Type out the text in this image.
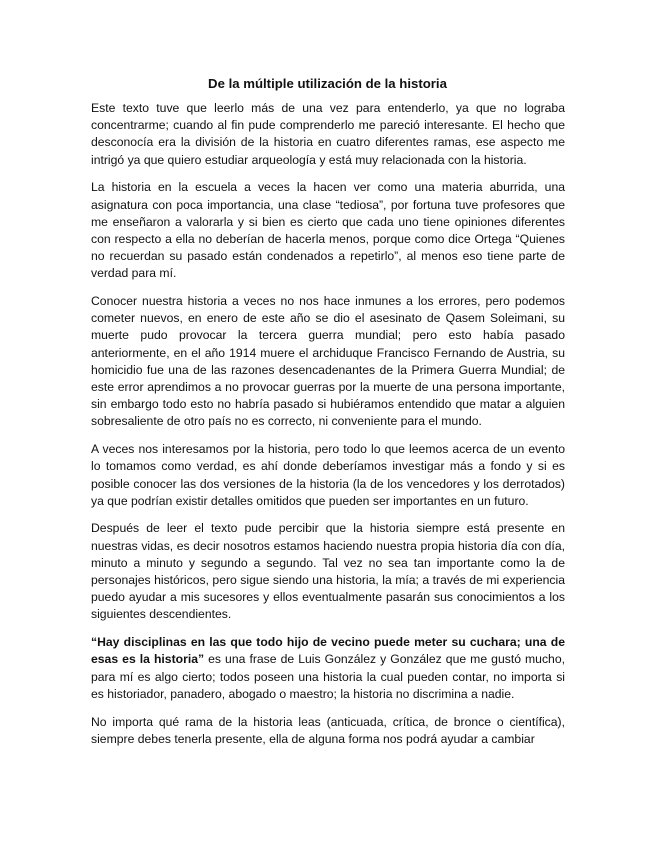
De la múltiple utilización de la historia

Este texto tuve que leerlo más de una vez para entenderlo, ya que no lograba concentrarme; cuando al fin pude comprenderlo me pareció interesante. El hecho que desconocía era la división de la historia en cuatro diferentes ramas, ese aspecto me intrigó ya que quiero estudiar arqueología y está muy relacionada con la historia.

La historia en la escuela a veces la hacen ver como una materia aburrida, una asignatura con poca importancia, una clase “tediosa”, por fortuna tuve profesores que me enseñaron a valorarla y si bien es cierto que cada uno tiene opiniones diferentes con respecto a ella no deberían de hacerla menos, porque como dice Ortega “Quienes no recuerdan su pasado están condenados a repetirlo”, al menos eso tiene parte de verdad para mí.

Conocer nuestra historia a veces no nos hace inmunes a los errores, pero podemos cometer nuevos, en enero de este año se dio el asesinato de Qasem Soleimani, su muerte pudo provocar la tercera guerra mundial; pero esto había pasado anteriormente, en el año 1914 muere el archiduque Francisco Fernando de Austria, su homicidio fue una de las razones desencadenantes de la Primera Guerra Mundial; de este error aprendimos a no provocar guerras por la muerte de una persona importante, sin embargo todo esto no habría pasado si hubiéramos entendido que matar a alguien sobresaliente de otro país no es correcto, ni conveniente para el mundo.

A veces nos interesamos por la historia, pero todo lo que leemos acerca de un evento lo tomamos como verdad, es ahí donde deberíamos investigar más a fondo y si es posible conocer las dos versiones de la historia (la de los vencedores y los derrotados) ya que podrían existir detalles omitidos que pueden ser importantes en un futuro.

Después de leer el texto pude percibir que la historia siempre está presente en nuestras vidas, es decir nosotros estamos haciendo nuestra propia historia día con día, minuto a minuto y segundo a segundo. Tal vez no sea tan importante como la de personajes históricos, pero sigue siendo una historia, la mía; a través de mi experiencia puedo ayudar a mis sucesores y ellos eventualmente pasarán sus conocimientos a los siguientes descendientes.

“Hay disciplinas en las que todo hijo de vecino puede meter su cuchara; una de esas es la historia” es una frase de Luis González y González que me gustó mucho, para mí es algo cierto; todos poseen una historia la cual pueden contar, no importa si es historiador, panadero, abogado o maestro; la historia no discrimina a nadie.

No importa qué rama de la historia leas (anticuada, crítica, de bronce o científica), siempre debes tenerla presente, ella de alguna forma nos podrá ayudar a cambiar
